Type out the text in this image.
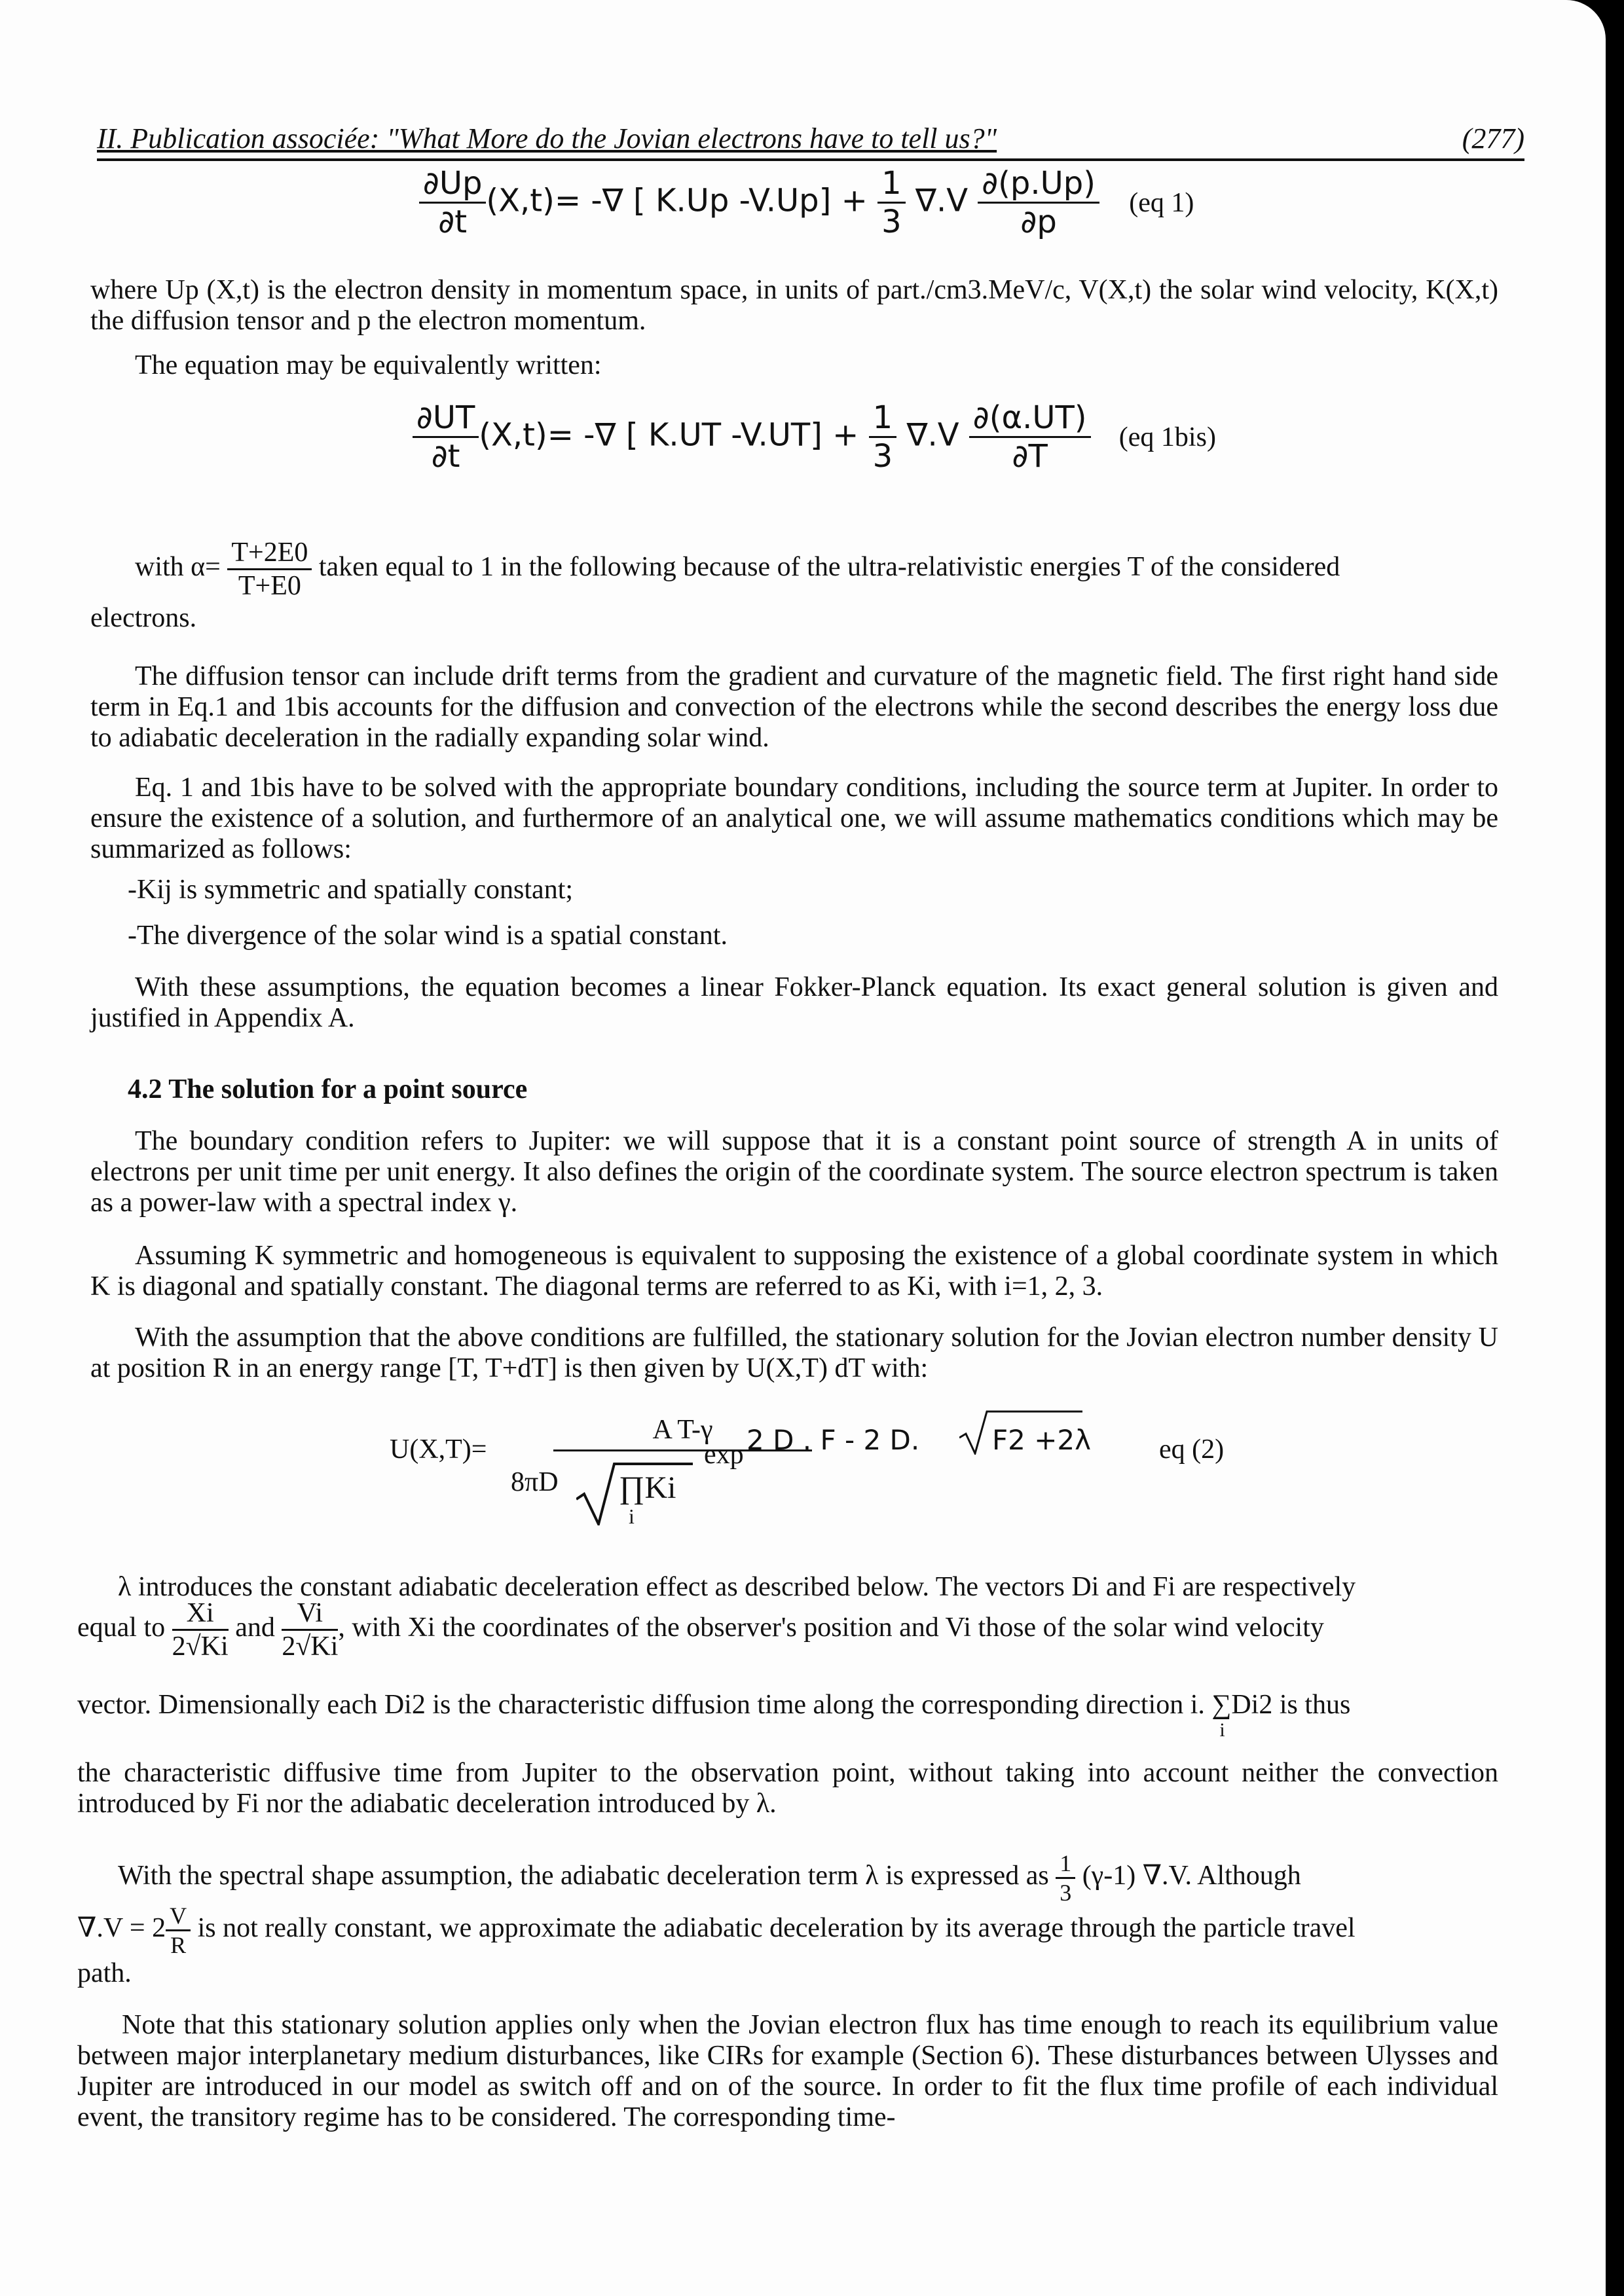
II. Publication associée: "What More do the Jovian electrons have to tell us?"	(277)
$\frac{\partial Up}{\partial t} (X,t)=$ -∇ [ K.Up $-V.Up] + \frac{1}{3} \nabla.V \frac{\partial(p.Up)}{\partial p} (eq$ 1)
where Up (X,t) is the electron density in momentum space, in units of part./cm3.MeV/c, V(X,t) the solar wind velocity, K(X,t) the diffusion tensor and p the electron momentum.
The equation may be equivalently written:
$\frac{\partial UT}{\partial t} (X,t)=$ -∇ [ K.UT $-V.UT] + \frac{1}{3} \nabla.V \frac{\partial(\alpha.UT)}{\partial T} (eq$ 1bis)
with $\alpha= \frac{T+2E0}{T+E0}$ taken equal to 1 in the following because of the ultra-relativistic energies T of the considered
electrons.
The diffusion tensor can include drift terms from the gradient and curvature of the magnetic field. The first right hand side term in Eq.1 and 1bis accounts for the diffusion and convection of the electrons while the second describes the energy loss due to adiabatic deceleration in the radially expanding solar wind.
Eq. 1 and 1bis have to be solved with the appropriate boundary conditions, including the source term at Jupiter. In order to ensure the existence of a solution, and furthermore of an analytical one, we will assume mathematics conditions which may be summarized as follows:
-Kij is symmetric and spatially constant;
-The divergence of the solar wind is a spatial constant.
With these assumptions, the equation becomes a linear Fokker-Planck equation. Its exact general solution is given and justified in Appendix A.
4.2 The solution for a point source
The boundary condition refers to Jupiter: we will suppose that it is a constant point source of strength A in units of electrons per unit time per unit energy. It also defines the origin of the coordinate system. The source electron spectrum is taken as a power-law with a spectral index γ.
Assuming K symmetric and homogeneous is equivalent to supposing the existence of a global coordinate system in which K is diagonal and spatially constant. The diagonal terms are referred to as Ki, with i=1, 2, 3.
With the assumption that the above conditions are fulfilled, the stationary solution for the Jovian electron number density U at position R in an energy range [T, T+dT] is then given by U(X,T) dT with:
U(X,T)=
A T-γ
8πD ∏Ki
i
exp 2 D . F - 2 D.	F2 +2λ eq (2)
λ introduces the constant adiabatic deceleration effect as described below. The vectors Di and Fi are respectively
equal to $\frac{Xi}{2√Ki}$ and $\frac{Vi}{2√Ki}$ , with Xi the coordinates of the observer's position and Vi those of the solar wind velocity
vector. Dimensionally each Di2 is the characteristic diffusion time along the corresponding direction i. ∑Di2
i
is thus
the characteristic diffusive time from Jupiter to the observation point, without taking into account neither the convection introduced by Fi nor the adiabatic deceleration introduced by λ.
With the spectral shape assumption, the adiabatic deceleration term λ is expressed as $\frac{1}{3} (\gamma-1)$ ∇.V. Although
$\nabla.V = 2 \frac{V}{R}$ is not really constant, we approximate the adiabatic deceleration by its average through the particle travel
path.
Note that this stationary solution applies only when the Jovian electron flux has time enough to reach its equilibrium value between major interplanetary medium disturbances, like CIRs for example (Section 6). These disturbances between Ulysses and Jupiter are introduced in our model as switch off and on of the source. In order to fit the flux time profile of each individual event, the transitory regime has to be considered. The corresponding time-
